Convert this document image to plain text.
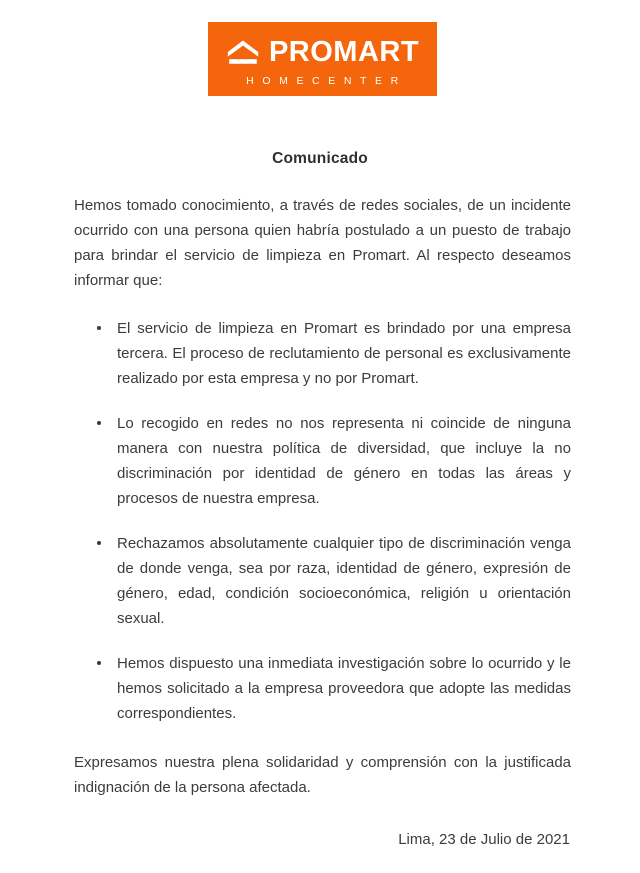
PROMART
HOMECENTER
Comunicado

Hemos tomado conocimiento, a través de redes sociales, de un incidente ocurrido con una persona quien habría postulado a un puesto de trabajo para brindar el servicio de limpieza en Promart. Al respecto deseamos informar que:

El servicio de limpieza en Promart es brindado por una empresa tercera. El proceso de reclutamiento de personal es exclusivamente realizado por esta empresa y no por Promart.
Lo recogido en redes no nos representa ni coincide de ninguna manera con nuestra política de diversidad, que incluye la no discriminación por identidad de género en todas las áreas y procesos de nuestra empresa.
Rechazamos absolutamente cualquier tipo de discriminación venga de donde venga, sea por raza, identidad de género, expresión de género, edad, condición socioeconómica, religión u orientación sexual.
Hemos dispuesto una inmediata investigación sobre lo ocurrido y le hemos solicitado a la empresa proveedora que adopte las medidas correspondientes.

Expresamos nuestra plena solidaridad y comprensión con la justificada indignación de la persona afectada.

Lima, 23 de Julio de 2021
